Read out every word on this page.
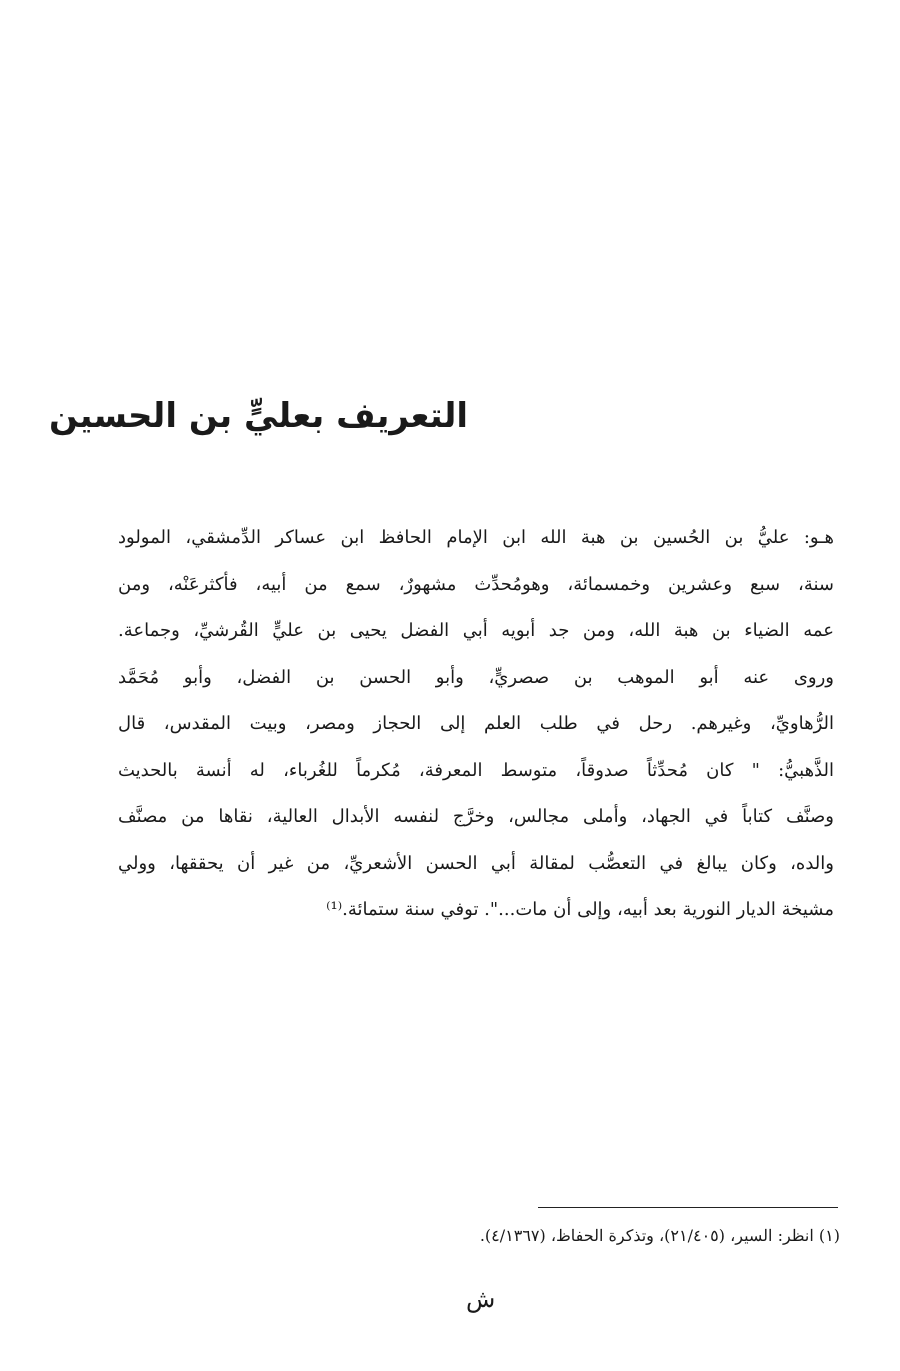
التعريف بعليٍّ بن الحسين
هـو: عليُّ بن الحُسين بن هبة الله ابن الإمام الحافظ ابن عساكر الدِّمشقي، المولود
سنة، سبع وعشرين وخمسمائة، وهومُحدِّث مشهورٌ، سمع من أبيه، فأكثرعَنْه، ومن
عمه الضياء بن هبة الله، ومن جد أبويه أبي الفضل يحيى بن عليٍّ القُرشيِّ، وجماعة.
وروى عنه أبو الموهب بن صصريٍّ، وأبو الحسن بن الفضل، وأبو مُحَمَّد
الرُّهاويِّ، وغيرهم. رحل في طلب العلم إلى الحجاز ومصر، وبيت المقدس، قال
الذَّهبيُّ: " كان مُحدِّثاً صدوقاً، متوسط المعرفة، مُكرماً للغُرباء، له أنسة بالحديث
وصنَّف كتاباً في الجهاد، وأملى مجالس، وخرَّج لنفسه الأبدال العالية، نقاها من مصنَّف
والده، وكان يبالغ في التعصُّب لمقالة أبي الحسن الأشعريِّ، من غير أن يحققها، وولي
مشيخة الديار النورية بعد أبيه، وإلى أن مات...". توفي سنة ستمائة.⁽¹⁾
(١) انظر: السير، (٢١/٤٠٥)، وتذكرة الحفاظ، (٤/١٣٦٧).
ش
